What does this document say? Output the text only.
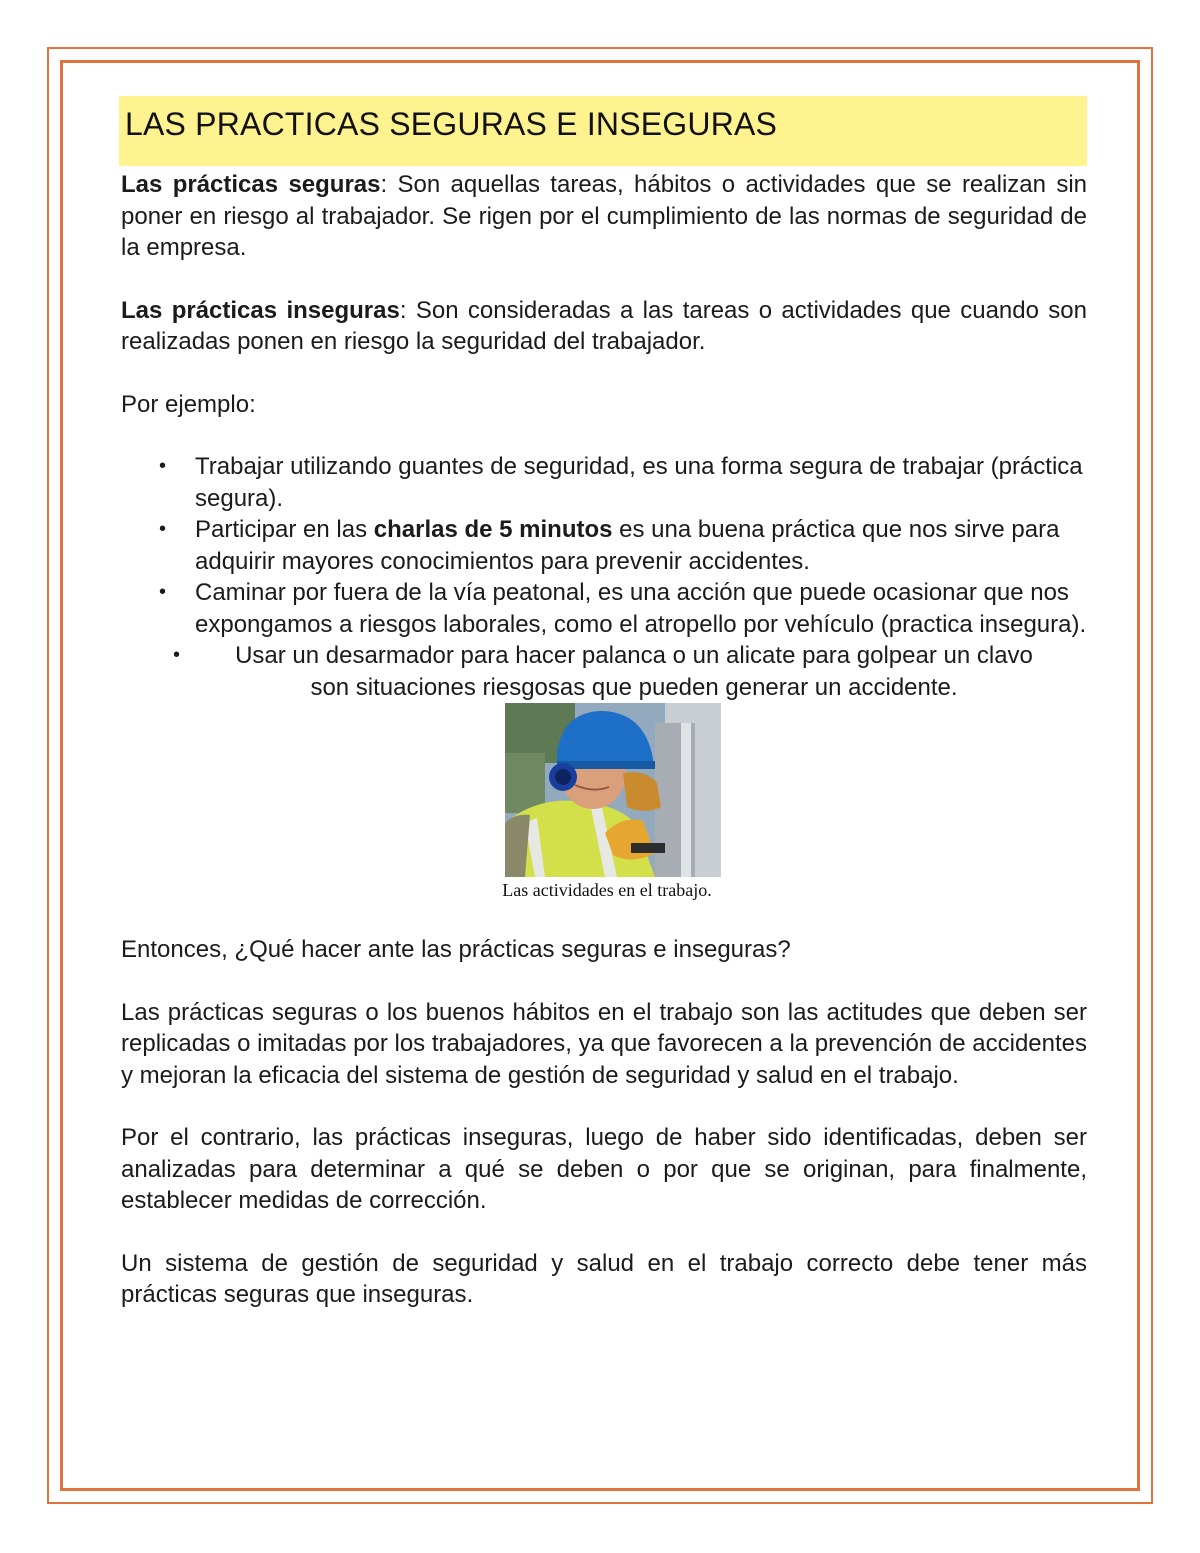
LAS PRACTICAS SEGURAS E INSEGURAS

Las prácticas seguras: Son aquellas tareas, hábitos o actividades que se realizan sin poner en riesgo al trabajador. Se rigen por el cumplimiento de las normas de seguridad de la empresa.

Las prácticas inseguras: Son consideradas a las tareas o actividades que cuando son realizadas ponen en riesgo la seguridad del trabajador.

Por ejemplo:

• Trabajar utilizando guantes de seguridad, es una forma segura de trabajar (práctica segura).
• Participar en las charlas de 5 minutos es una buena práctica que nos sirve para adquirir mayores conocimientos para prevenir accidentes.
• Caminar por fuera de la vía peatonal, es una acción que puede ocasionar que nos expongamos a riesgos laborales, como el atropello por vehículo (practica insegura).
•	Usar un desarmador para hacer palanca o un alicate para golpear un clavo
son situaciones riesgosas que pueden generar un accidente.
Las actividades en el trabajo.

Entonces, ¿Qué hacer ante las prácticas seguras e inseguras?

Las prácticas seguras o los buenos hábitos en el trabajo son las actitudes que deben ser replicadas o imitadas por los trabajadores, ya que favorecen a la prevención de accidentes y mejoran la eficacia del sistema de gestión de seguridad y salud en el trabajo.

Por el contrario, las prácticas inseguras, luego de haber sido identificadas, deben ser analizadas para determinar a qué se deben o por que se originan, para finalmente, establecer medidas de corrección.

Un sistema de gestión de seguridad y salud en el trabajo correcto debe tener más prácticas seguras que inseguras.
